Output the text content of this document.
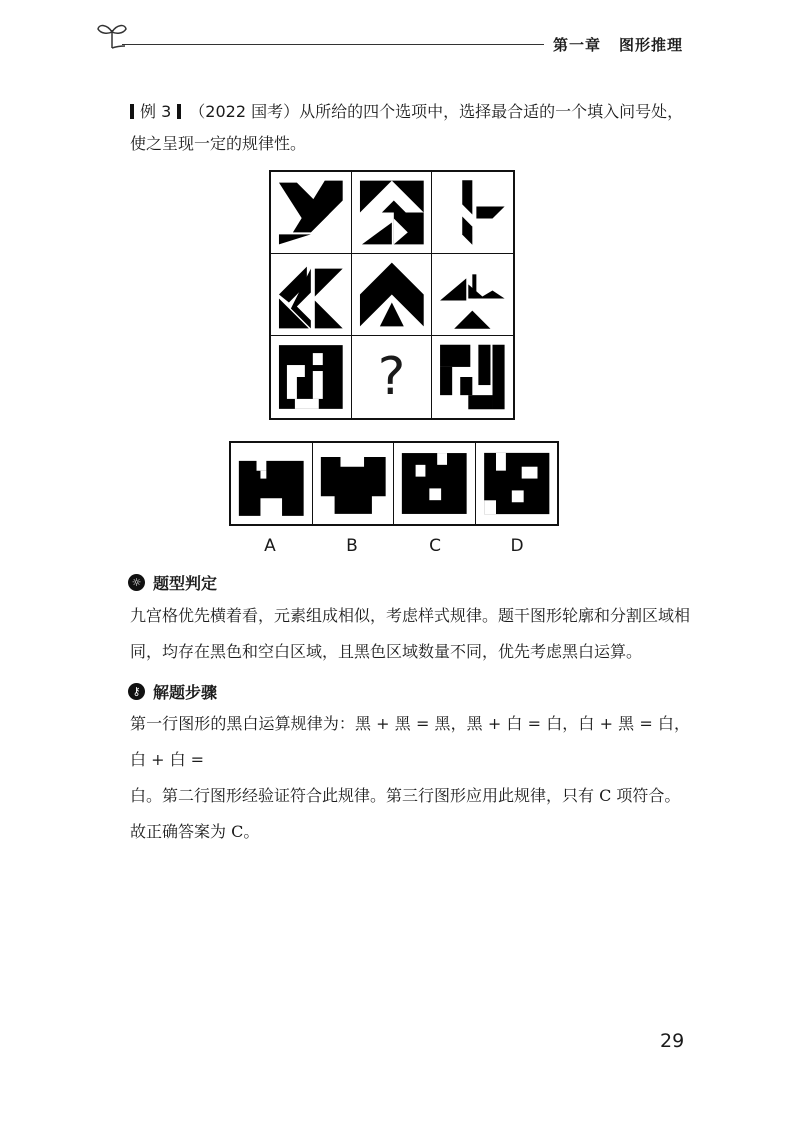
第一章 图形推理
例 3 （2022 国考）从所给的四个选项中，选择最合适的一个填入问号处，
使之呈现一定的规律性。
?
A	B	C	D
☼ 题型判定
九宫格优先横着看，元素组成相似，考虑样式规律。题干图形轮廓和分割区域相
同，均存在黑色和空白区域，且黑色区域数量不同，优先考虑黑白运算。
⚷ 解题步骤
第一行图形的黑白运算规律为：黑 + 黑 = 黑，黑 + 白 = 白，白 + 黑 = 白，白 + 白 =
白。第二行图形经验证符合此规律。第三行图形应用此规律，只有 C 项符合。
故正确答案为 C。
29
